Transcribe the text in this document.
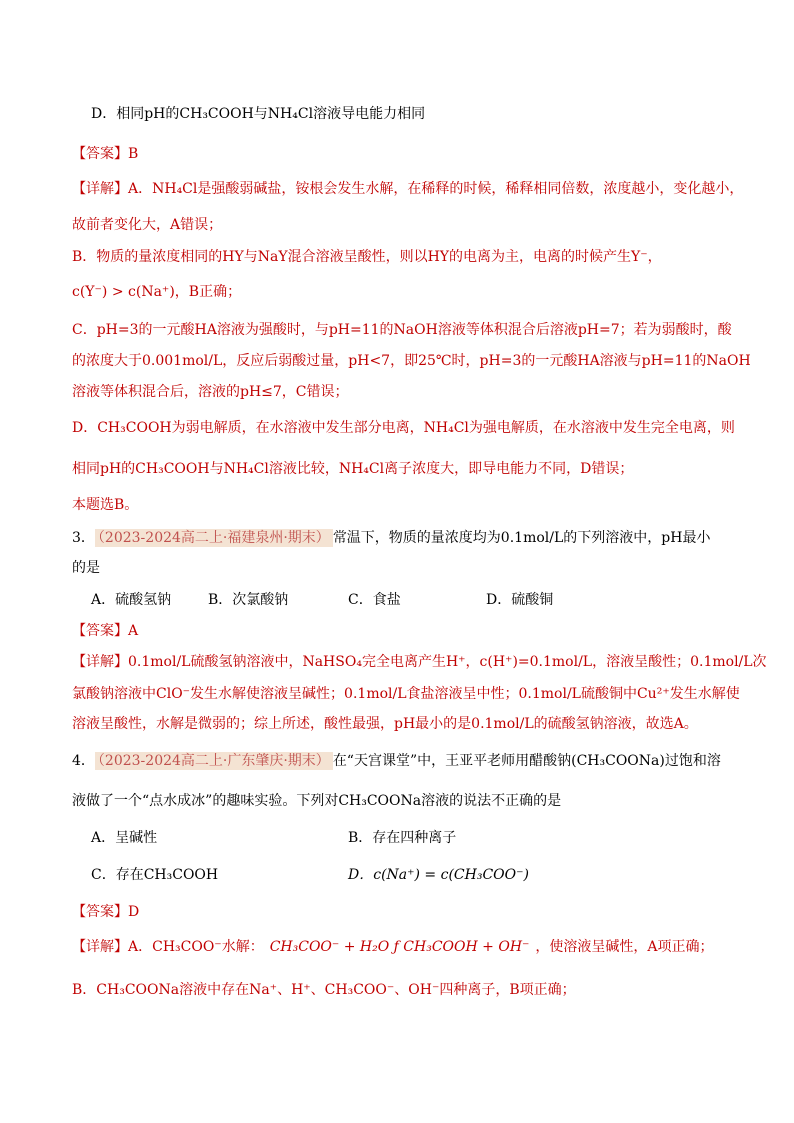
D．相同pH的CH₃COOH与NH₄Cl溶液导电能力相同
【答案】B
【详解】A．NH₄Cl是强酸弱碱盐，铵根会发生水解，在稀释的时候，稀释相同倍数，浓度越小，变化越小，
故前者变化大，A错误；
B．物质的量浓度相同的HY与NaY混合溶液呈酸性，则以HY的电离为主，电离的时候产生Y⁻，
c(Y⁻) > c(Na⁺)，B正确；
C．pH=3的一元酸HA溶液为强酸时，与pH=11的NaOH溶液等体积混合后溶液pH=7；若为弱酸时，酸
的浓度大于0.001mol/L，反应后弱酸过量，pH<7，即25℃时，pH=3的一元酸HA溶液与pH=11的NaOH
溶液等体积混合后，溶液的pH≤7，C错误；
D．CH₃COOH为弱电解质，在水溶液中发生部分电离，NH₄Cl为强电解质，在水溶液中发生完全电离，则
相同pH的CH₃COOH与NH₄Cl溶液比较，NH₄Cl离子浓度大，即导电能力不同，D错误；
本题选B。
3． （2023-2024高二上·福建泉州·期末） 常温下，物质的量浓度均为0.1mol/L的下列溶液中，pH最小
的是
A．硫酸氢钠	B．次氯酸钠	C．食盐	D．硫酸铜
【答案】A
【详解】0.1mol/L硫酸氢钠溶液中，NaHSO₄完全电离产生H⁺，c(H⁺)=0.1mol/L，溶液呈酸性；0.1mol/L次
氯酸钠溶液中ClO⁻发生水解使溶液呈碱性；0.1mol/L食盐溶液呈中性；0.1mol/L硫酸铜中Cu²⁺发生水解使
溶液呈酸性，水解是微弱的；综上所述，酸性最强，pH最小的是0.1mol/L的硫酸氢钠溶液，故选A。
4． （2023-2024高二上·广东肇庆·期末） 在“天宫课堂”中，王亚平老师用醋酸钠(CH₃COONa)过饱和溶
液做了一个“点水成冰”的趣味实验。下列对CH₃COONa溶液的说法不正确的是
A．呈碱性	B．存在四种离子
C．存在CH₃COOH	D．c(Na⁺) = c(CH₃COO⁻)
【答案】D
【详解】A．CH₃COO⁻水解： CH₃COO⁻ + H₂O ƒ CH₃COOH + OH⁻ ，使溶液呈碱性，A项正确；
B．CH₃COONa溶液中存在Na⁺、H⁺、CH₃COO⁻、OH⁻四种离子，B项正确；
